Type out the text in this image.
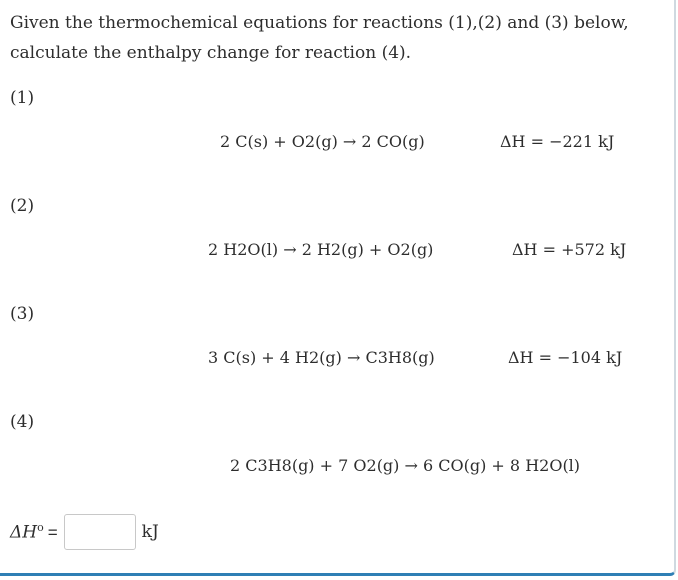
Given the thermochemical equations for reactions (1),(2) and (3) below, calculate the enthalpy change for reaction (4).
(1)
2 C(s) + O2(g) → 2 CO(g)	ΔH = −221 kJ
(2)
2 H2O(l) → 2 H2(g) + O2(g)	ΔH = +572 kJ
(3)
3 C(s) + 4 H2(g) → C3H8(g)	ΔH = −104 kJ
(4)
2 C3H8(g) + 7 O2(g) → 6 CO(g) + 8 H2O(l)
$\Delta H^o$ =	kJ
